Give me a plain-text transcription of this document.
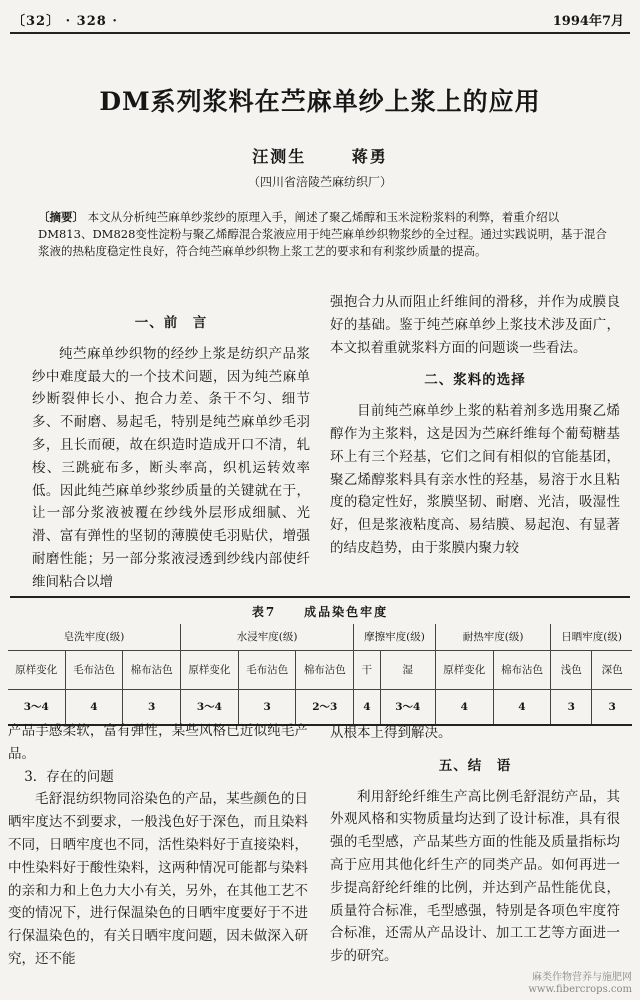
〔32〕 · 328 ·	1994年7月
DM系列浆料在苎麻单纱上浆上的应用
汪测生 蒋勇
（四川省涪陵苎麻纺织厂）

〔摘要〕 本文从分析纯苎麻单纱浆纱的原理入手，阐述了聚乙烯醇和玉米淀粉浆料的利弊，着重介绍以DM813、DM828变性淀粉与聚乙烯醇混合浆液应用于纯苎麻单纱织物浆纱的全过程。通过实践说明，基于混合浆液的热粘度稳定性良好，符合纯苎麻单纱织物上浆工艺的要求和有利浆纱质量的提高。

一、前　言

纯苎麻单纱织物的经纱上浆是纺织产品浆纱中难度最大的一个技术问题，因为纯苎麻单纱断裂伸长小、抱合力差、条干不匀、细节多、不耐磨、易起毛，特别是纯苎麻单纱毛羽多，且长而硬，故在织造时造成开口不清，轧梭、三跳疵布多，断头率高，织机运转效率低。因此纯苎麻单纱浆纱质量的关键就在于，让一部分浆液被覆在纱线外层形成细腻、光滑、富有弹性的坚韧的薄膜使毛羽贴伏，增强耐磨性能；另一部分浆液浸透到纱线内部使纤维间粘合以增

强抱合力从而阻止纤维间的滑移，并作为成膜良好的基础。鉴于纯苎麻单纱上浆技术涉及面广，本文拟着重就浆料方面的问题谈一些看法。

二、浆料的选择

目前纯苎麻单纱上浆的粘着剂多选用聚乙烯醇作为主浆料，这是因为苎麻纤维每个葡萄糖基环上有三个羟基，它们之间有相似的官能基团，聚乙烯醇浆料具有亲水性的羟基，易溶于水且粘度的稳定性好，浆膜坚韧、耐磨、光洁，吸湿性好，但是浆液粘度高、易结膜、易起泡、有显著的结皮趋势，由于浆膜内聚力较

表7　　成品染色牢度
皂洗牢度(级)			水浸牢度(级)			摩擦牢度(级)		耐热牢度(级)		日晒牢度(级)	
原样变化	毛布沾色	棉布沾色	原样变化	毛布沾色	棉布沾色	干	湿	原样变化	棉布沾色	浅色	深色
3～4	4	3	3～4	3	2～3	4	3～4	4	4	3	3

产品手感柔软，富有弹性，某些风格已近似纯毛产品。

3．存在的问题

毛舒混纺织物同浴染色的产品，某些颜色的日晒牢度达不到要求，一般浅色好于深色，而且染料不同，日晒牢度也不同，活性染料好于直接染料，中性染料好于酸性染料，这两种情况可能都与染料的亲和力和上色力大小有关，另外，在其他工艺不变的情况下，进行保温染色的日晒牢度要好于不进行保温染色的，有关日晒牢度问题，因未做深入研究，还不能

从根本上得到解决。

五、结　语

利用舒纶纤维生产高比例毛舒混纺产品，其外观风格和实物质量均达到了设计标准，具有很强的毛型感，产品某些方面的性能及质量指标均高于应用其他化纤生产的同类产品。如何再进一步提高舒纶纤维的比例，并达到产品性能优良，质量符合标准，毛型感强，特别是各项色牢度符合标准，还需从产品设计、加工工艺等方面进一步的研究。

麻类作物营养与施肥网
www.fibercrops.com
